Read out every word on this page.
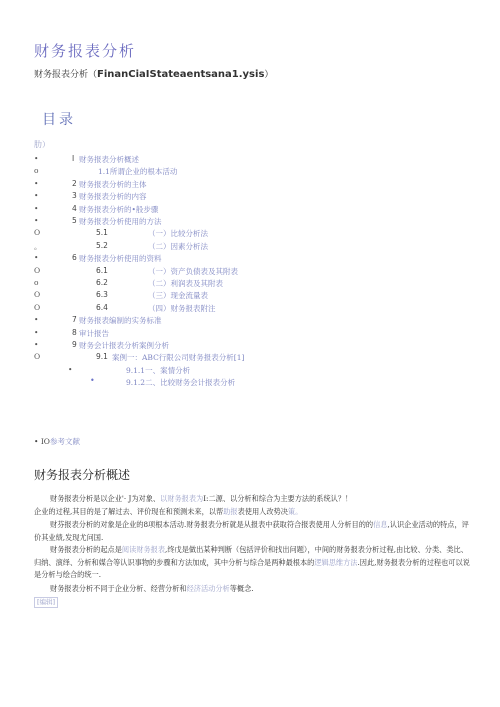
财务报表分析
财务报表分析（FinanCiaIStateaentsana1.ysis）
目录
肋）
•	I 财务报表分析概述
o	1.1所谓企业的根本活动
•	2 财务报表分析的主体
•	3 财务报表分析的内容
•	4 财务报表分析的•般步骤
•	5 财务报表分析使用的方法
O	5.1	（一）比较分析法
。	5.2	（二）因素分析法
•	6 财务报表分析使用的资料
O	6.1	（一）资产负债表及其附表
o	6.2	（二）利润表及其附表
O	6.3	（三）现金流量表
O	6.4	（四）财务报表附注
•	7 财务报表编制的实务标准
•	8 审计报告
•	9 财务会计报表分析案例分析
O	9.1 案例一：ABC行限公司财务报表分析[1]
•	9.1.1一、案情分析
•	9.1.2二、比较财务会计报表分析
• IO参考文献
财务报表分析概述
财务报表分析是以企业'· J为对象、以财务报表为I:二源、以分析和综合为主要方法的系统认？！
企业的过程,其目的是了解过去、评价现在和预测未来，以帮助报表使用人改势决策。
财芬报表分析的对象是企业的8项根本活动.财务报表分析就是从报表中获取符合报表使用人分析目的的信息,认识企业活动的特点，评价其业绩,发现尤问国.
财务报表分析的起点是阅读财务报表,终戊是做出某种判断（包括评价和找出问题），中间的财务报表分析过程,由比较、分类、类比、归纳、演绎、分析和媒合等认识事物的步骤和方法加成，其中分析与综合是两种最根本的逻辑思维方法.因此,财务报表分析的过程也可以说是分析与绘合的统一.
财务报表分析不同于企业分析、经营分析和经济活动分析等概念.
[编辑]
